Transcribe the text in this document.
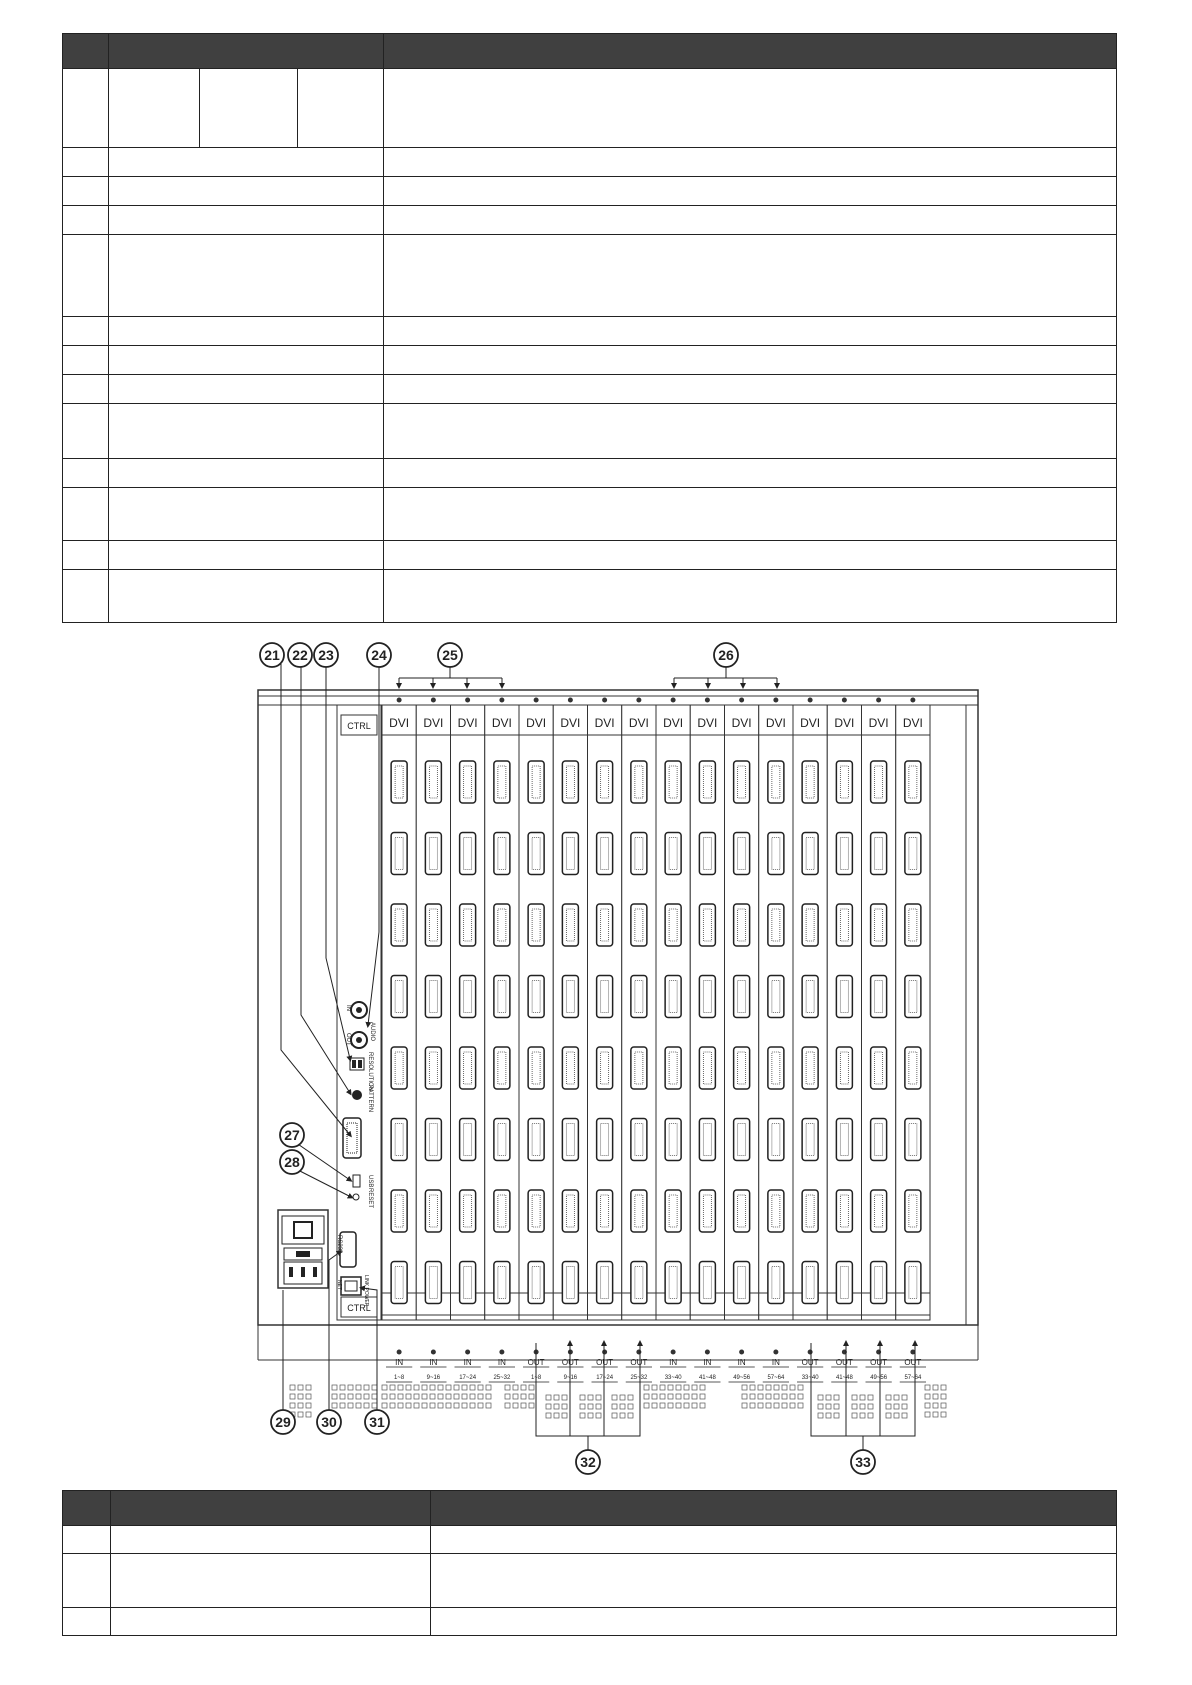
CTRL
CTRL
IN
OUT	AUDIO
RESOLUTION
PATTERN
USB
RESET
RS232
NET	LINK POWER
DVI
IN
1~8
DVI
IN
9~16
DVI
IN
17~24
DVI
IN
25~32
DVI
OUT
1~8
DVI
OUT
9~16
DVI
OUT
17~24
DVI
OUT
25~32
DVI
IN
33~40
DVI
IN
41~48
DVI
IN
49~56
DVI
IN
57~64
DVI
OUT
33~40
DVI
OUT
41~48
DVI
OUT
49~56
DVI
OUT
57~64
21 22 23	24	25	26
27
28
29 30 31
32	33
